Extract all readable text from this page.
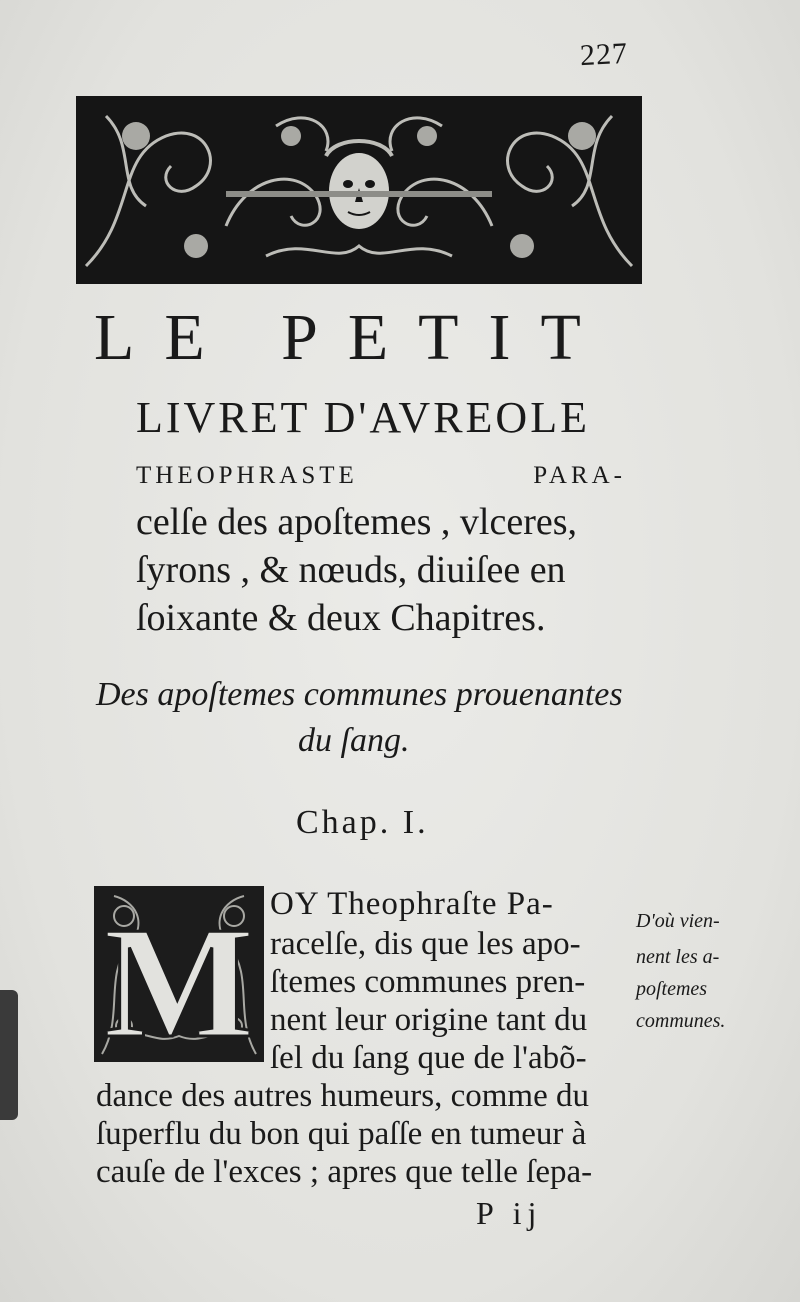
227
LE PETIT
LIVRET D'AVREOLE
THEOPHRASTE	PARA-
celſe des apoſtemes , vlceres,
ſyrons , & nœuds, diuiſee en
ſoixante & deux Chapitres.
Des apoſtemes communes prouenantes
du ſang.
Chap. I.
M OY Theophraſte Pa-
racelſe, dis que les apo-
ſtemes communes pren-
nent leur origine tant du
ſel du ſang que de l'abõ-
dance des autres humeurs, comme du
ſuperflu du bon qui paſſe en tumeur à
cauſe de l'exces ; apres que telle ſepa-
D'où vien-
nent les a-
poſtemes
communes.
P ij
